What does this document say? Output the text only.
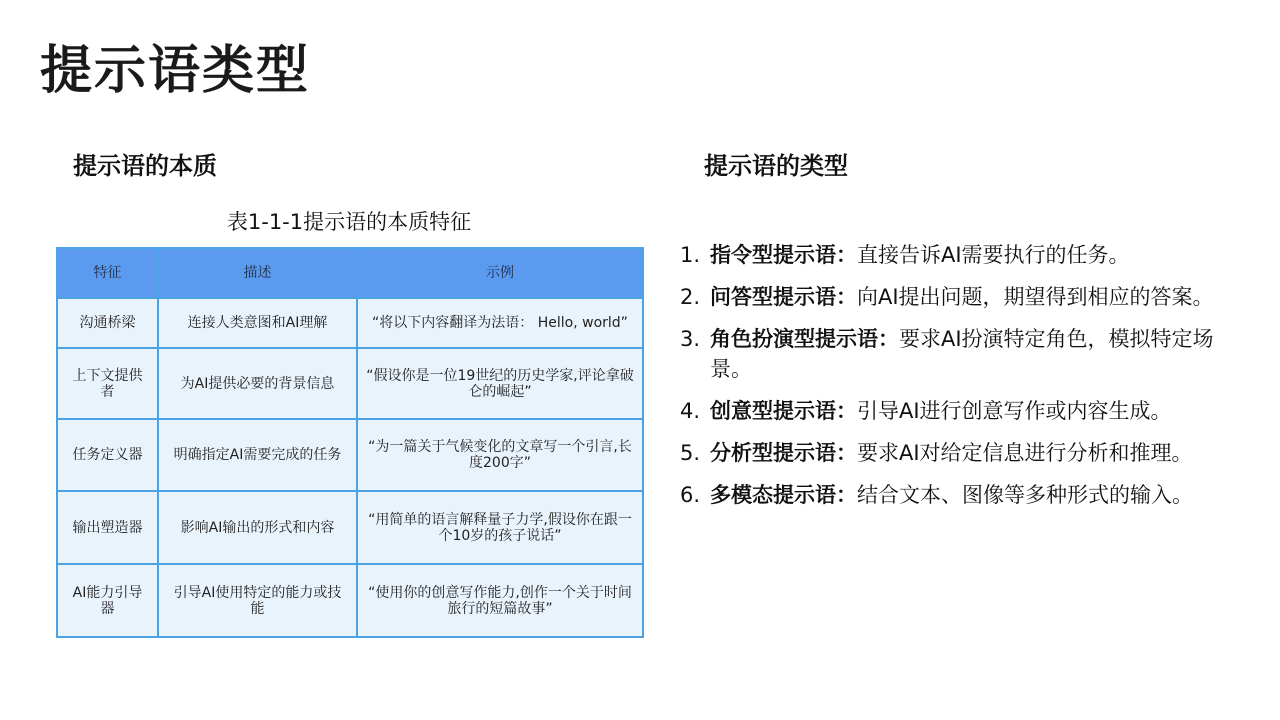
提示语类型
提示语的本质	提示语的类型
表1-1-1提示语的本质特征
特征	描述	示例
沟通桥梁	连接人类意图和AI理解	“将以下内容翻译为法语： Hello, world”
上下文提供者	为AI提供必要的背景信息	“假设你是一位19世纪的历史学家,评论拿破仑的崛起”
任务定义器	明确指定AI需要完成的任务	“为一篇关于气候变化的文章写一个引言,长度200字”
输出塑造器	影响AI输出的形式和内容	“用简单的语言解释量子力学,假设你在跟一个10岁的孩子说话”
AI能力引导器	引导AI使用特定的能力或技能	“使用你的创意写作能力,创作一个关于时间旅行的短篇故事”
1. 指令型提示语：直接告诉AI需要执行的任务。
2. 问答型提示语：向AI提出问题，期望得到相应的答案。
3. 角色扮演型提示语：要求AI扮演特定角色，模拟特定场景。
4. 创意型提示语：引导AI进行创意写作或内容生成。
5. 分析型提示语：要求AI对给定信息进行分析和推理。
6. 多模态提示语：结合文本、图像等多种形式的输入。
